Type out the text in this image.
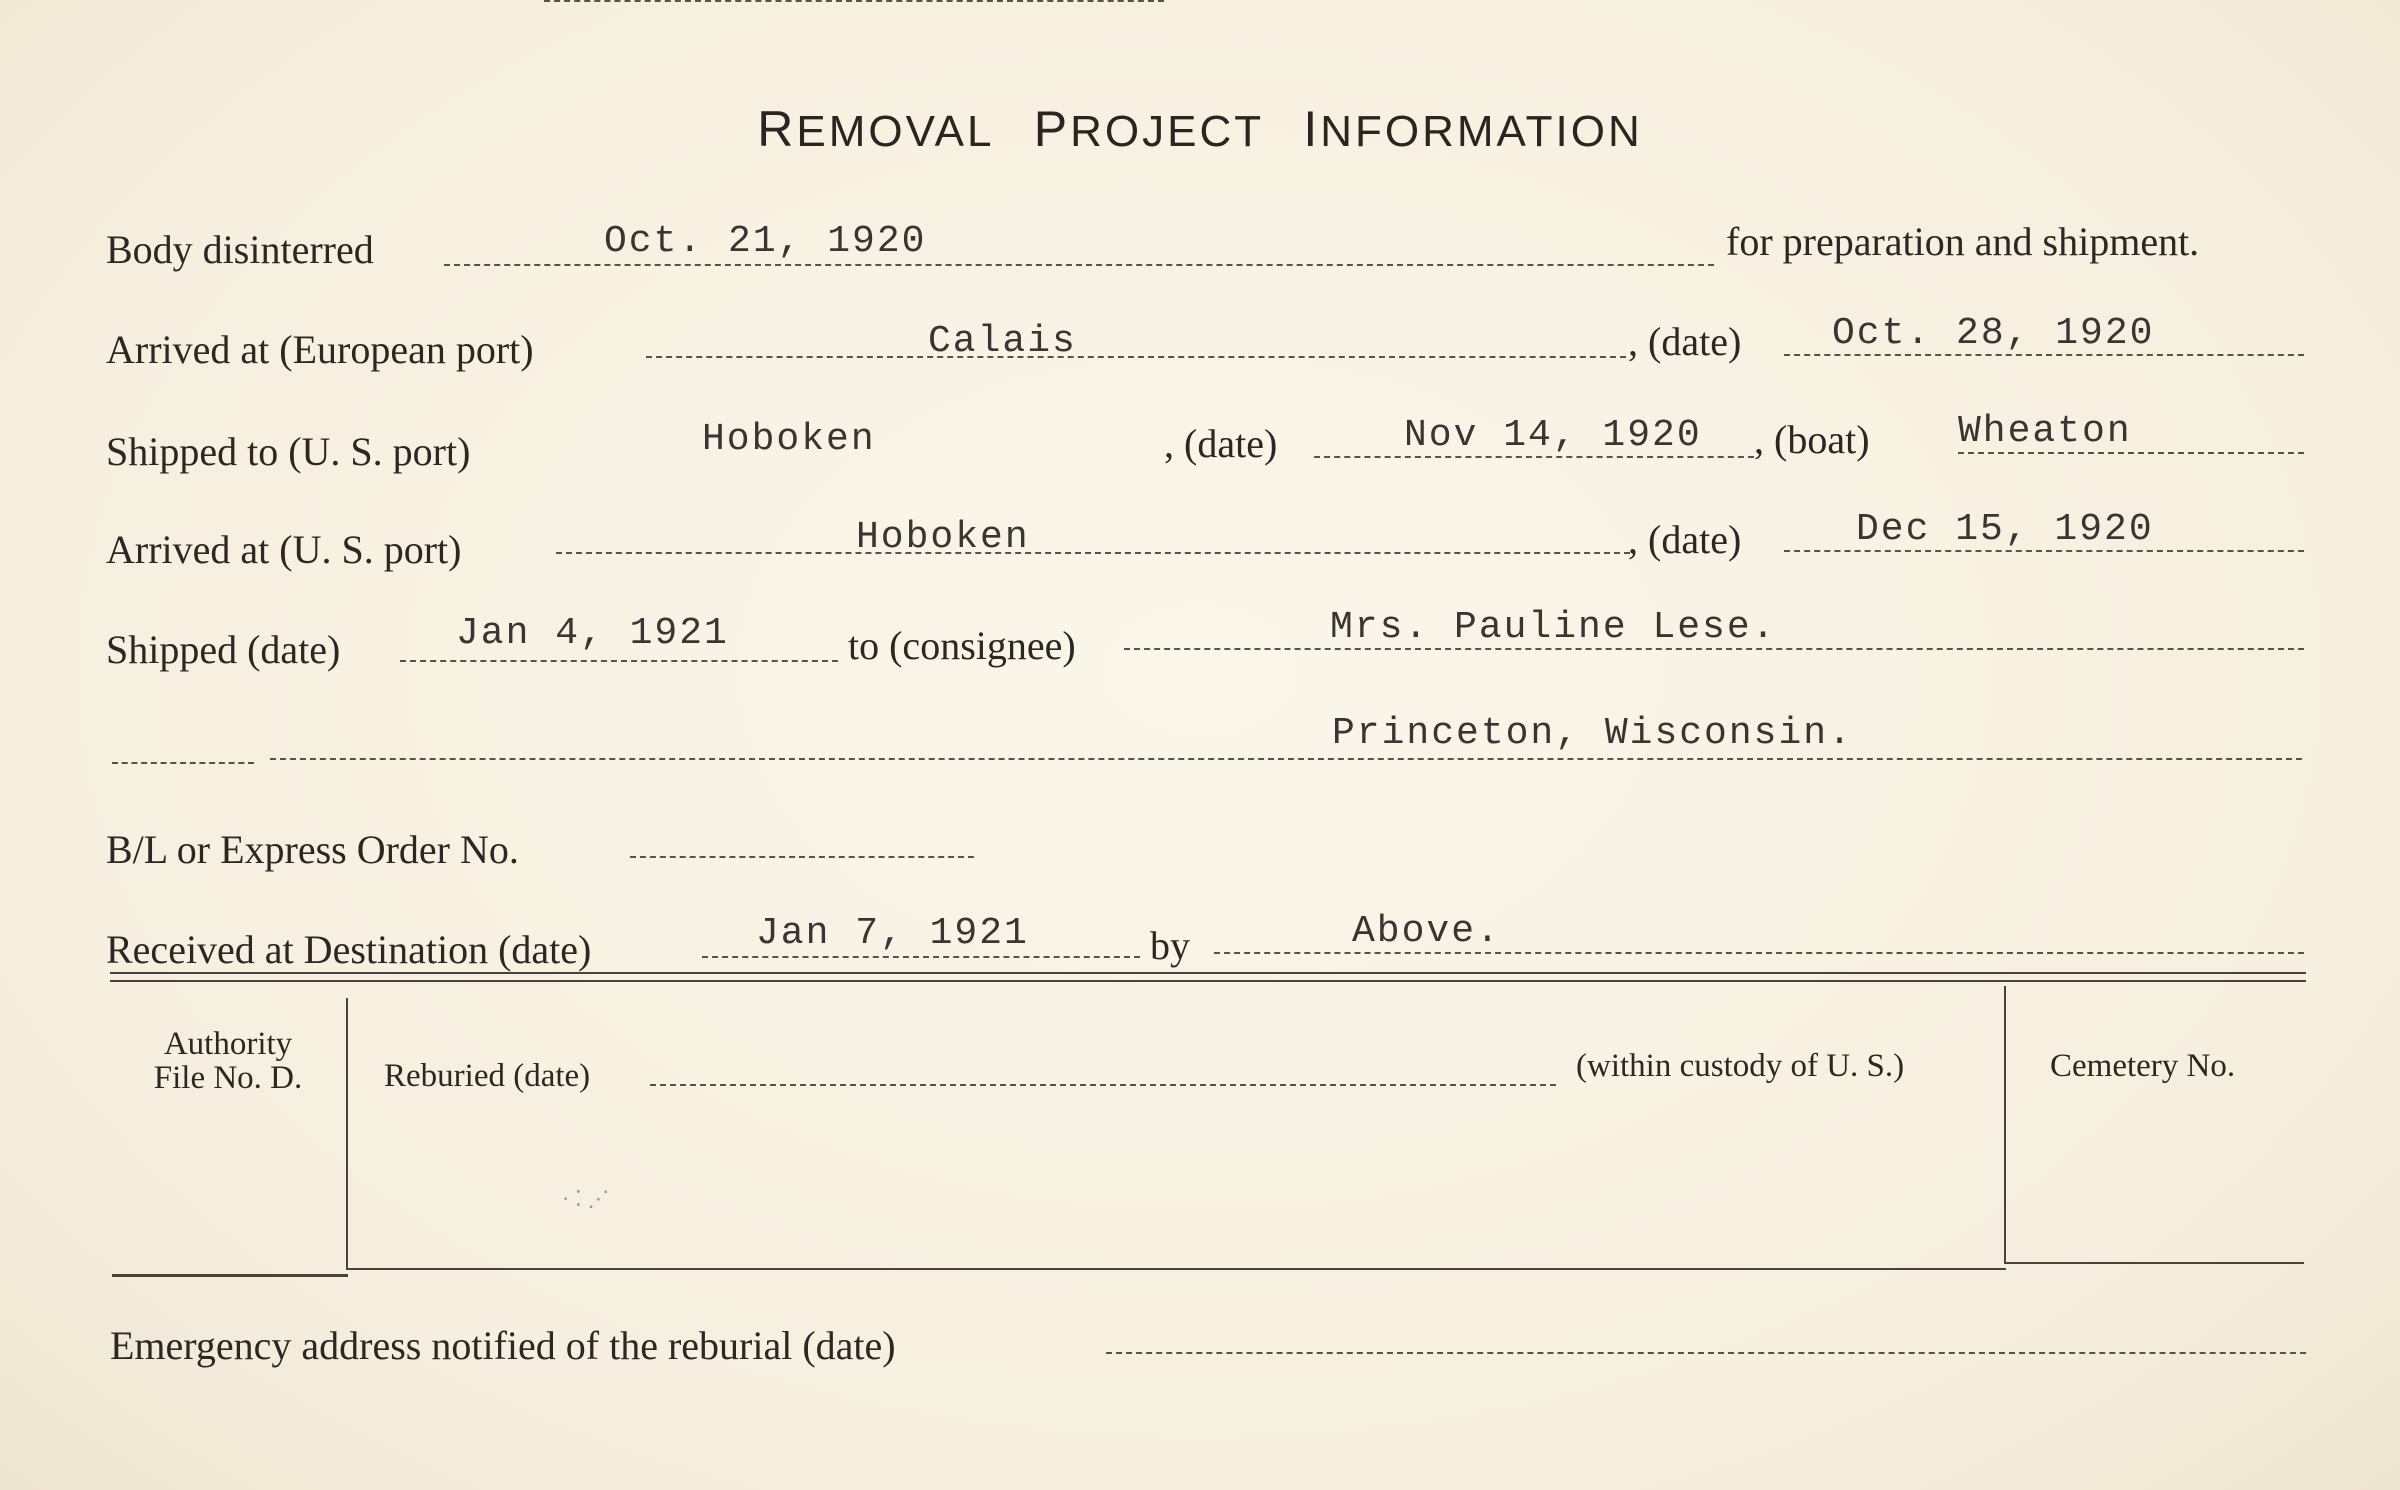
REMOVAL PROJECT INFORMATION
Body disinterred	Oct. 21, 1920	for preparation and shipment.
Arrived at (European port)	Calais	, (date) Oct. 28, 1920
Shipped to (U. S. port)	Hoboken	, (date)	Nov 14, 1920 , (boat) Wheaton
Arrived at (U. S. port)	Hoboken	, (date)	Dec 15, 1920
Shipped (date)	Jan 4, 1921	to (consignee)	Mrs. Pauline Lese.
Princeton, Wisconsin.
B/L or Express Order No.
Received at Destination (date)	Jan 7, 1921	by	Above.
Authority
File No. D.	Reburied (date)	(within custody of U. S.)	Cemetery No.
· ⁚ ⋰
Emergency address notified of the reburial (date)
